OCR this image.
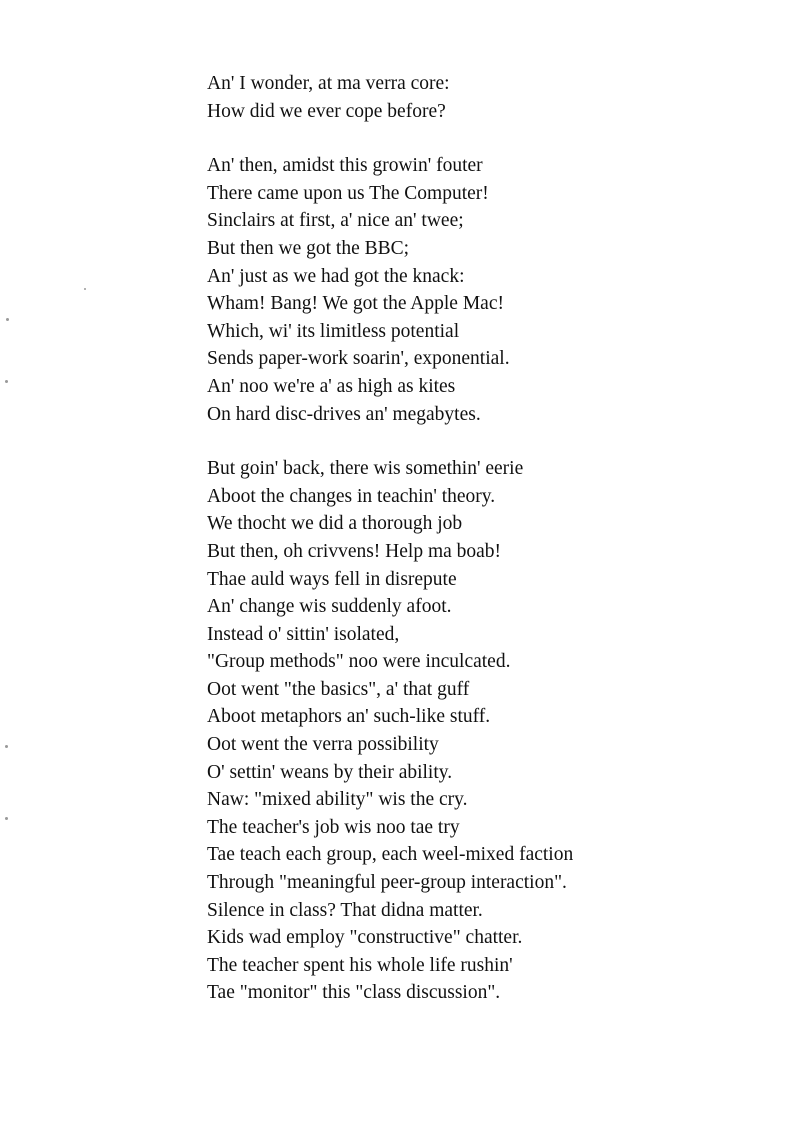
An' I wonder, at ma verra core:
How did we ever cope before?
An' then, amidst this growin' fouter
There came upon us The Computer!
Sinclairs at first, a' nice an' twee;
But then we got the BBC;
An' just as we had got the knack:
Wham! Bang! We got the Apple Mac!
Which, wi' its limitless potential
Sends paper-work soarin', exponential.
An' noo we're a' as high as kites
On hard disc-drives an' megabytes.
But goin' back, there wis somethin' eerie
Aboot the changes in teachin' theory.
We thocht we did a thorough job
But then, oh crivvens! Help ma boab!
Thae auld ways fell in disrepute
An' change wis suddenly afoot.
Instead o' sittin' isolated,
"Group methods" noo were inculcated.
Oot went "the basics", a' that guff
Aboot metaphors an' such-like stuff.
Oot went the verra possibility
O' settin' weans by their ability.
Naw: "mixed ability" wis the cry.
The teacher's job wis noo tae try
Tae teach each group, each weel-mixed faction
Through "meaningful peer-group interaction".
Silence in class? That didna matter.
Kids wad employ "constructive" chatter.
The teacher spent his whole life rushin'
Tae "monitor" this "class discussion".
